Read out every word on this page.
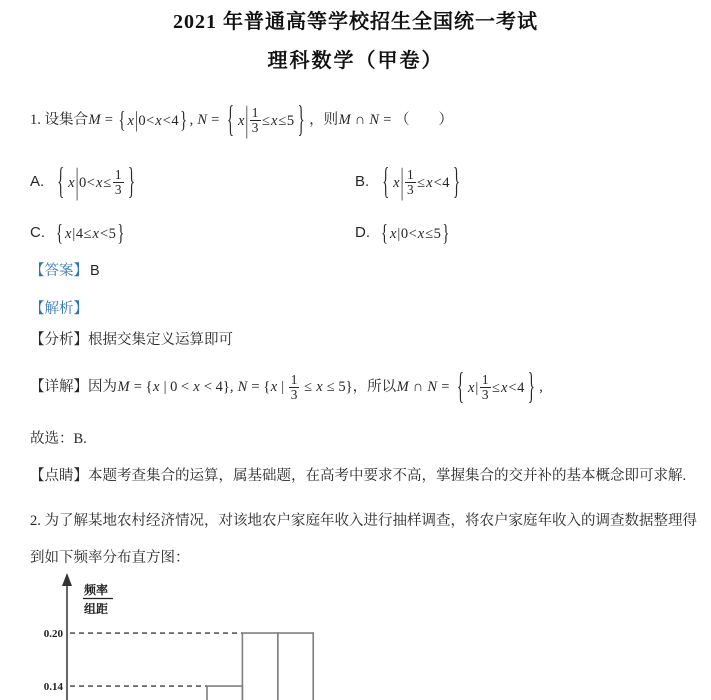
2021 年普通高等学校招生全国统一考试
理科数学（甲卷）
1. 设集合M = { x | 0< x <4 } , N = { x | $\frac{1}{3} \le x \le 5$ } ，则M ∩ N = （　　 ）
A. { x | $0< x \le \frac{1}{3}$ }	B. { x | $\frac{1}{3} \le x <4$ }
C. { x |4≤ x <5 }	D. { x |0< x ≤5 }
【答案】 B
【解析】
【分析】根据交集定义运算即可
【详解】因为M = {x | 0 < x < 4}, N = {x | $\frac{1}{3} \le x \le 5$}，所以M ∩ N = { x | $\frac{1}{3} \le x <4$ } ,
故选：B.
【点睛】本题考查集合的运算，属基础题，在高考中要求不高，掌握集合的交并补的基本概念即可求解.
2. 为了解某地农村经济情况，对该地农户家庭年收入进行抽样调查，将农户家庭年收入的调查数据整理得
到如下频率分布直方图：
频率
组距
0.20
0.14
